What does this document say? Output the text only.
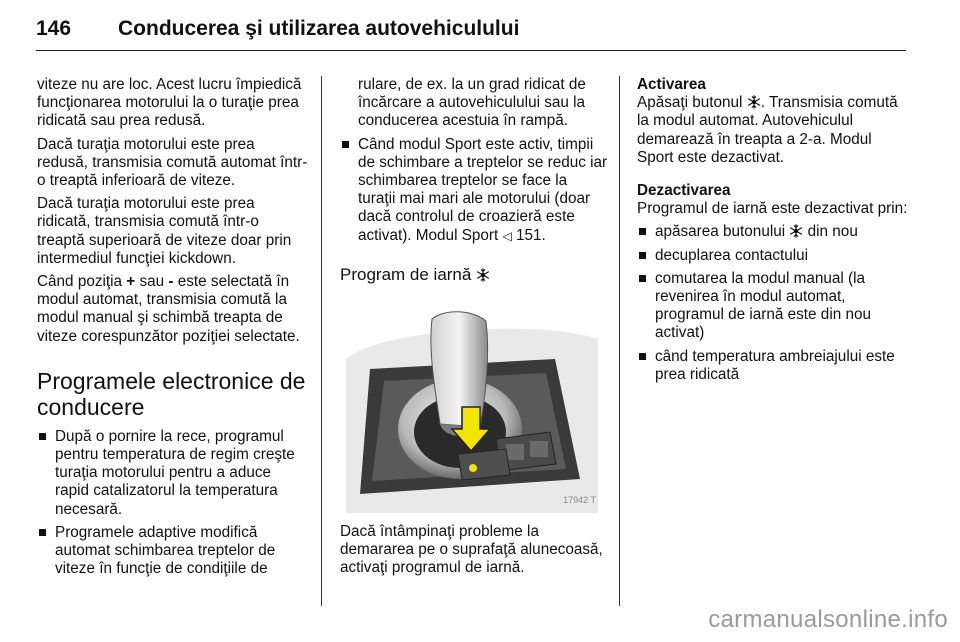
146 Conducerea şi utilizarea autovehiculului

viteze nu are loc. Acest lucru împiedică funcţionarea motorului la o turaţie prea ridicată sau prea redusă.

Dacă turaţia motorului este prea redusă, transmisia comută automat într-o treaptă inferioară de viteze.

Dacă turaţia motorului este prea ridicată, transmisia comută într-o treaptă superioară de viteze doar prin intermediul funcţiei kickdown.

Când poziţia + sau - este selectată în modul automat, transmisia comută la modul manual şi schimbă treapta de viteze corespunzător poziţiei selectate.

Programele electronice de conducere
După o pornire la rece, programul pentru temperatura de regim creşte turaţia motorului pentru a aduce rapid catalizatorul la temperatura necesară.
Programele adaptive modifică automat schimbarea treptelor de viteze în funcţie de condiţiile de
rulare, de ex. la un grad ridicat de încărcare a autovehiculului sau la conducerea acestuia în rampă.
Când modul Sport este activ, timpii de schimbare a treptelor se reduc iar schimbarea treptelor se face la turaţii mai mari ale motorului (doar dacă controlul de croazieră este activat). Modul Sport ◁ 151.
Program de iarnă
17942 T

Dacă întâmpinaţi probleme la demararea pe o suprafaţă alunecoasă, activaţi programul de iarnă.

Activarea

Apăsaţi butonul
. Transmisia comută la modul automat. Autovehiculul demarează în treapta a 2-a. Modul Sport este dezactivat.

Dezactivarea

Programul de iarnă este dezactivat prin:

apăsarea butonului
din nou
decuplarea contactului
comutarea la modul manual (la revenirea în modul automat, programul de iarnă este din nou activat)
când temperatura ambreiajului este prea ridicată
carmanualsonline.info
